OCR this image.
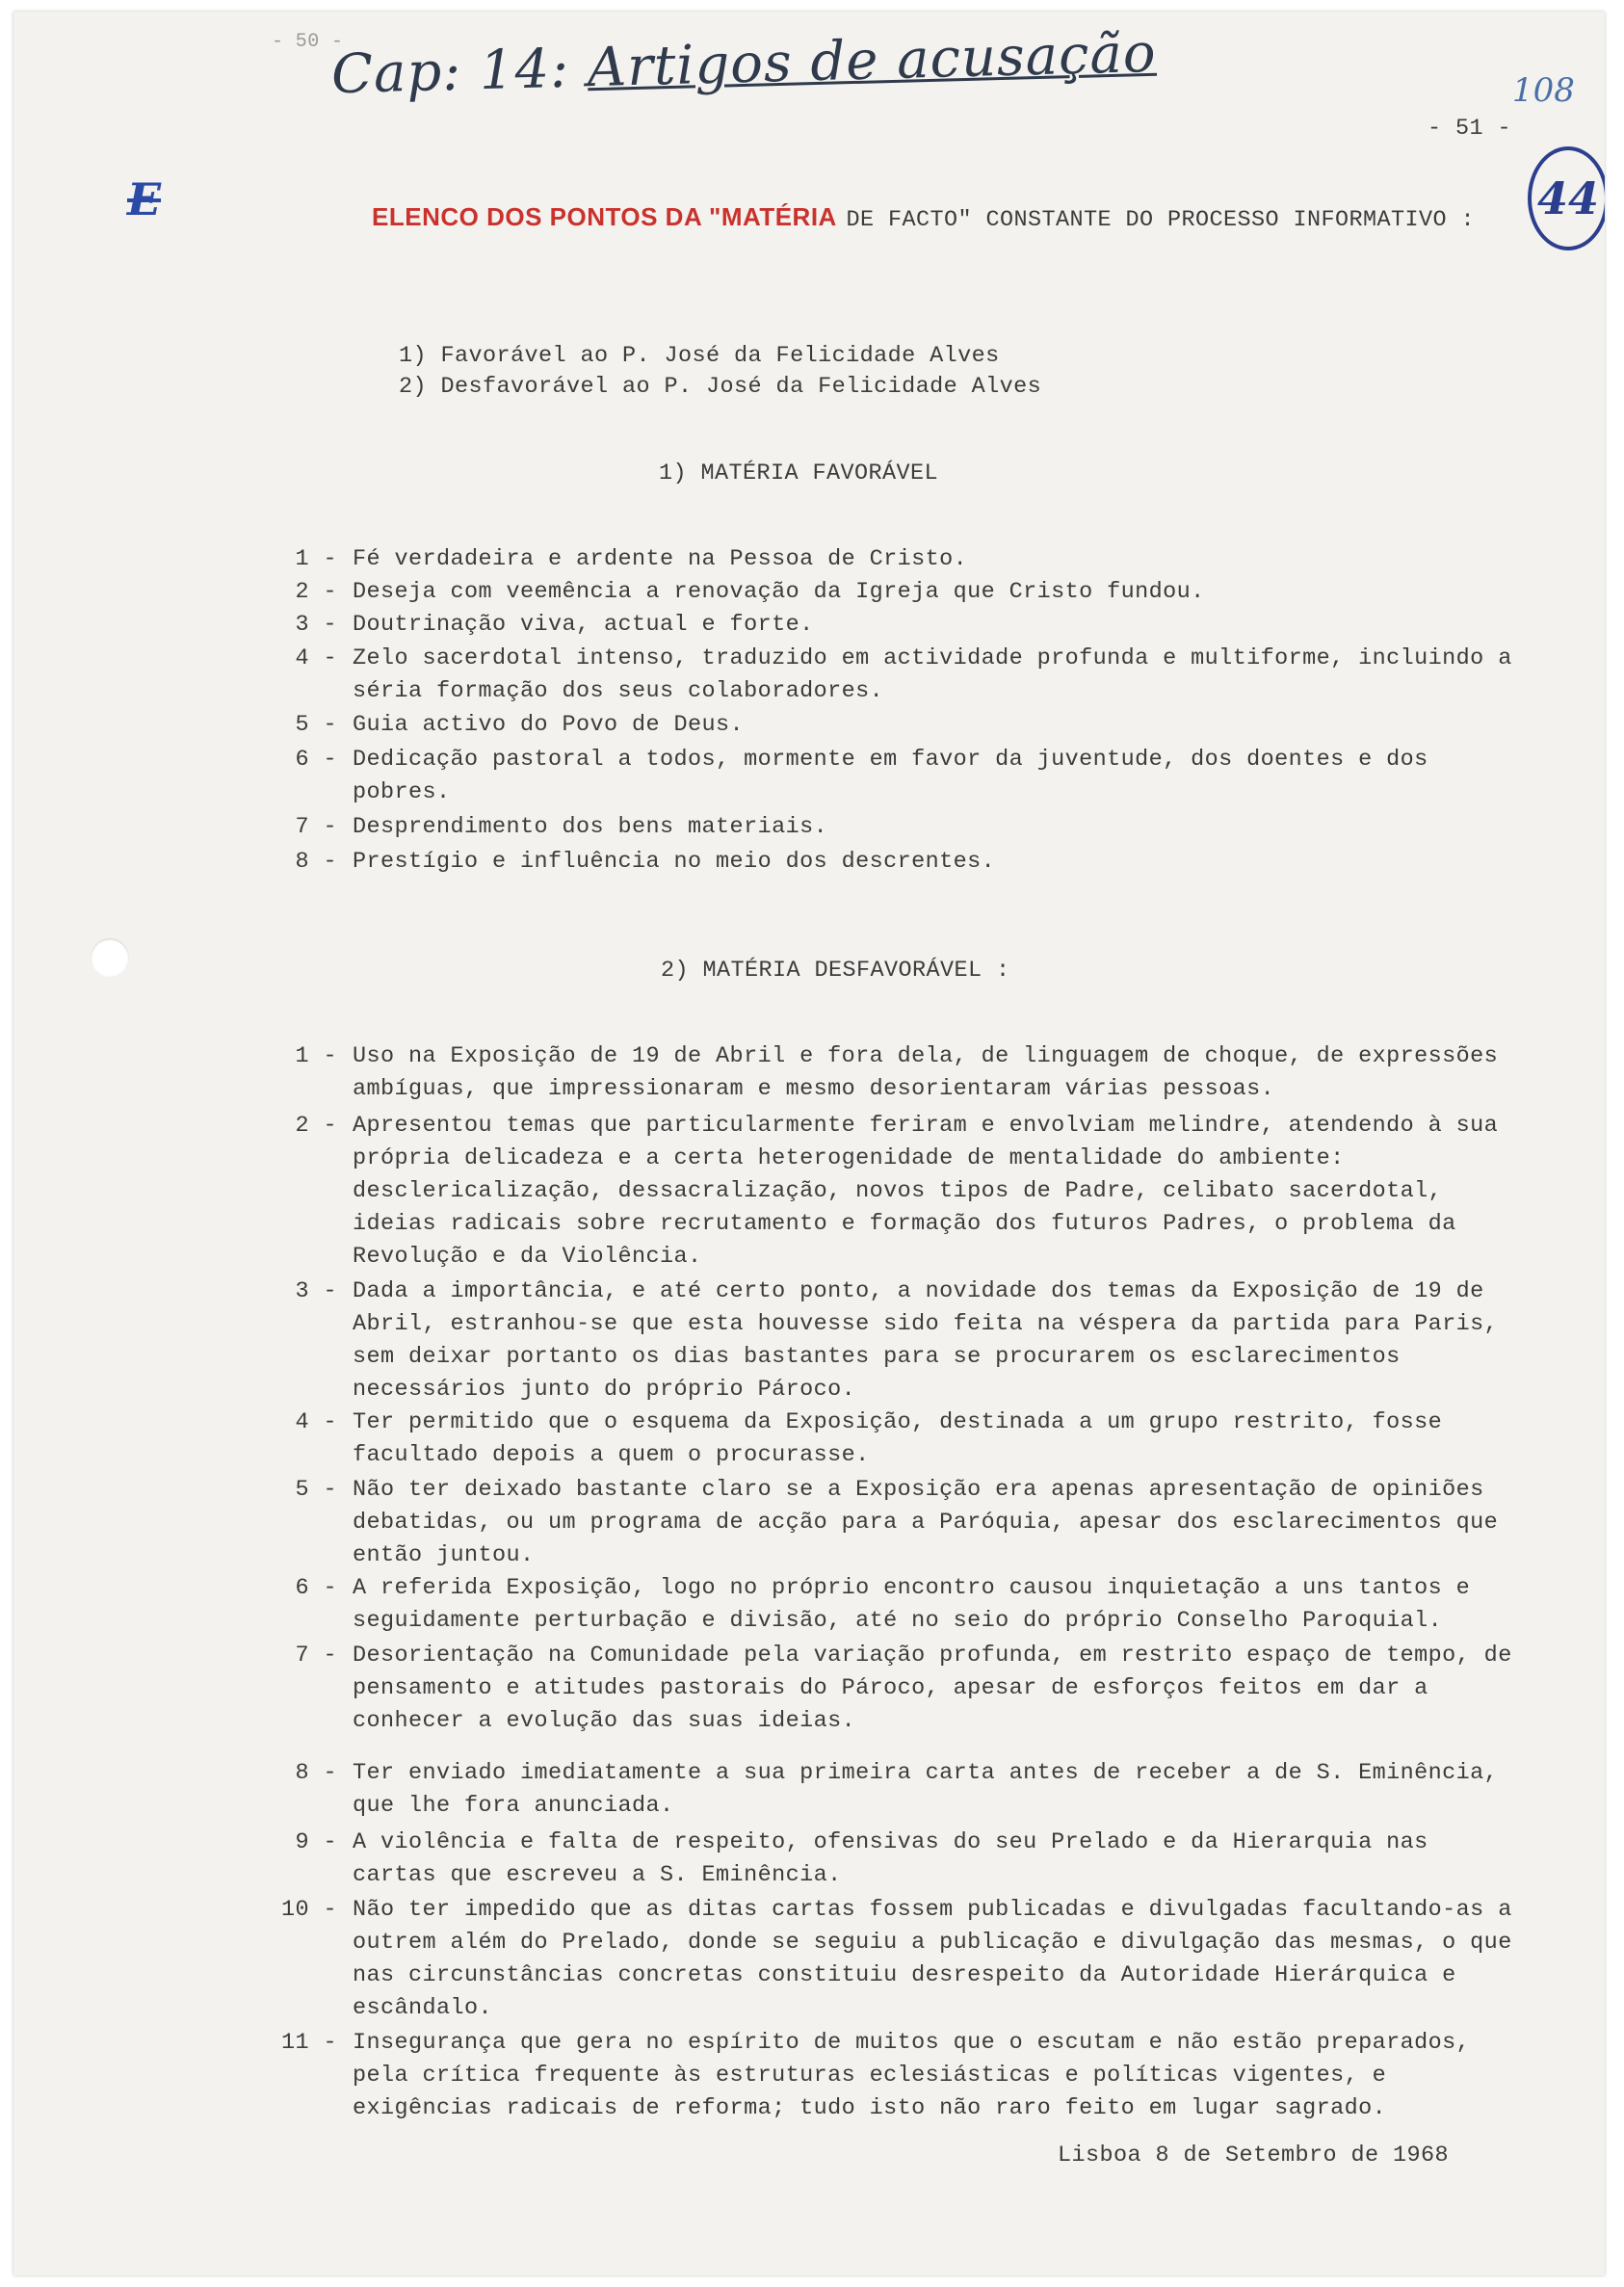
- 50 -
Cap: 14: Artigos de acusação	108
- 51 -
44
E	ELENCO DOS PONTOS DA "MATÉRIA DE FACTO" CONSTANTE DO PROCESSO INFORMATIVO :
1) Favorável ao P. José da Felicidade Alves
2) Desfavorável ao P. José da Felicidade Alves
1) MATÉRIA FAVORÁVEL
1 - Fé verdadeira e ardente na Pessoa de Cristo.
2 - Deseja com veemência a renovação da Igreja que Cristo fundou.
3 - Doutrinação viva, actual e forte.
4 - Zelo sacerdotal intenso, traduzido em actividade profunda e multiforme, incluindo a séria formação dos seus colaboradores.
5 - Guia activo do Povo de Deus.
6 - Dedicação pastoral a todos, mormente em favor da juventude, dos doentes e dos pobres.
7 - Desprendimento dos bens materiais.
8 - Prestígio e influência no meio dos descrentes.
2) MATÉRIA DESFAVORÁVEL :
1 - Uso na Exposição de 19 de Abril e fora dela, de linguagem de choque, de expressões ambíguas, que impressionaram e mesmo desorientaram várias pessoas.
2 - Apresentou temas que particularmente feriram e envolviam melindre, atendendo à sua própria delicadeza e a certa heterogenidade de mentalidade do ambiente: desclericalização, dessacralização, novos tipos de Padre, celibato sacerdotal, ideias radicais sobre recrutamento e formação dos futuros Padres, o problema da Revolução e da Violência.
3 - Dada a importância, e até certo ponto, a novidade dos temas da Exposição de 19 de Abril, estranhou-se que esta houvesse sido feita na véspera da partida para Paris, sem deixar portanto os dias bastantes para se procurarem os esclarecimentos necessários junto do próprio Pároco.
4 - Ter permitido que o esquema da Exposição, destinada a um grupo restrito, fosse facultado depois a quem o procurasse.
5 - Não ter deixado bastante claro se a Exposição era apenas apresentação de opiniões debatidas, ou um programa de acção para a Paróquia, apesar dos esclarecimentos que então juntou.
6 - A referida Exposição, logo no próprio encontro causou inquietação a uns tantos e seguidamente perturbação e divisão, até no seio do próprio Conselho Paroquial.
7 - Desorientação na Comunidade pela variação profunda, em restrito espaço de tempo, de pensamento e atitudes pastorais do Pároco, apesar de esforços feitos em dar a conhecer a evolução das suas ideias.
8 - Ter enviado imediatamente a sua primeira carta antes de receber a de S. Eminência, que lhe fora anunciada.
9 - A violência e falta de respeito, ofensivas do seu Prelado e da Hierarquia nas cartas que escreveu a S. Eminência.
10 - Não ter impedido que as ditas cartas fossem publicadas e divulgadas facultando-as a outrem além do Prelado, donde se seguiu a publicação e divulgação das mesmas, o que nas circunstâncias concretas constituiu desrespeito da Autoridade Hierárquica e escândalo.
11 - Insegurança que gera no espírito de muitos que o escutam e não estão preparados, pela crítica frequente às estruturas eclesiásticas e políticas vigentes, e exigências radicais de reforma; tudo isto não raro feito em lugar sagrado.
Lisboa 8 de Setembro de 1968
